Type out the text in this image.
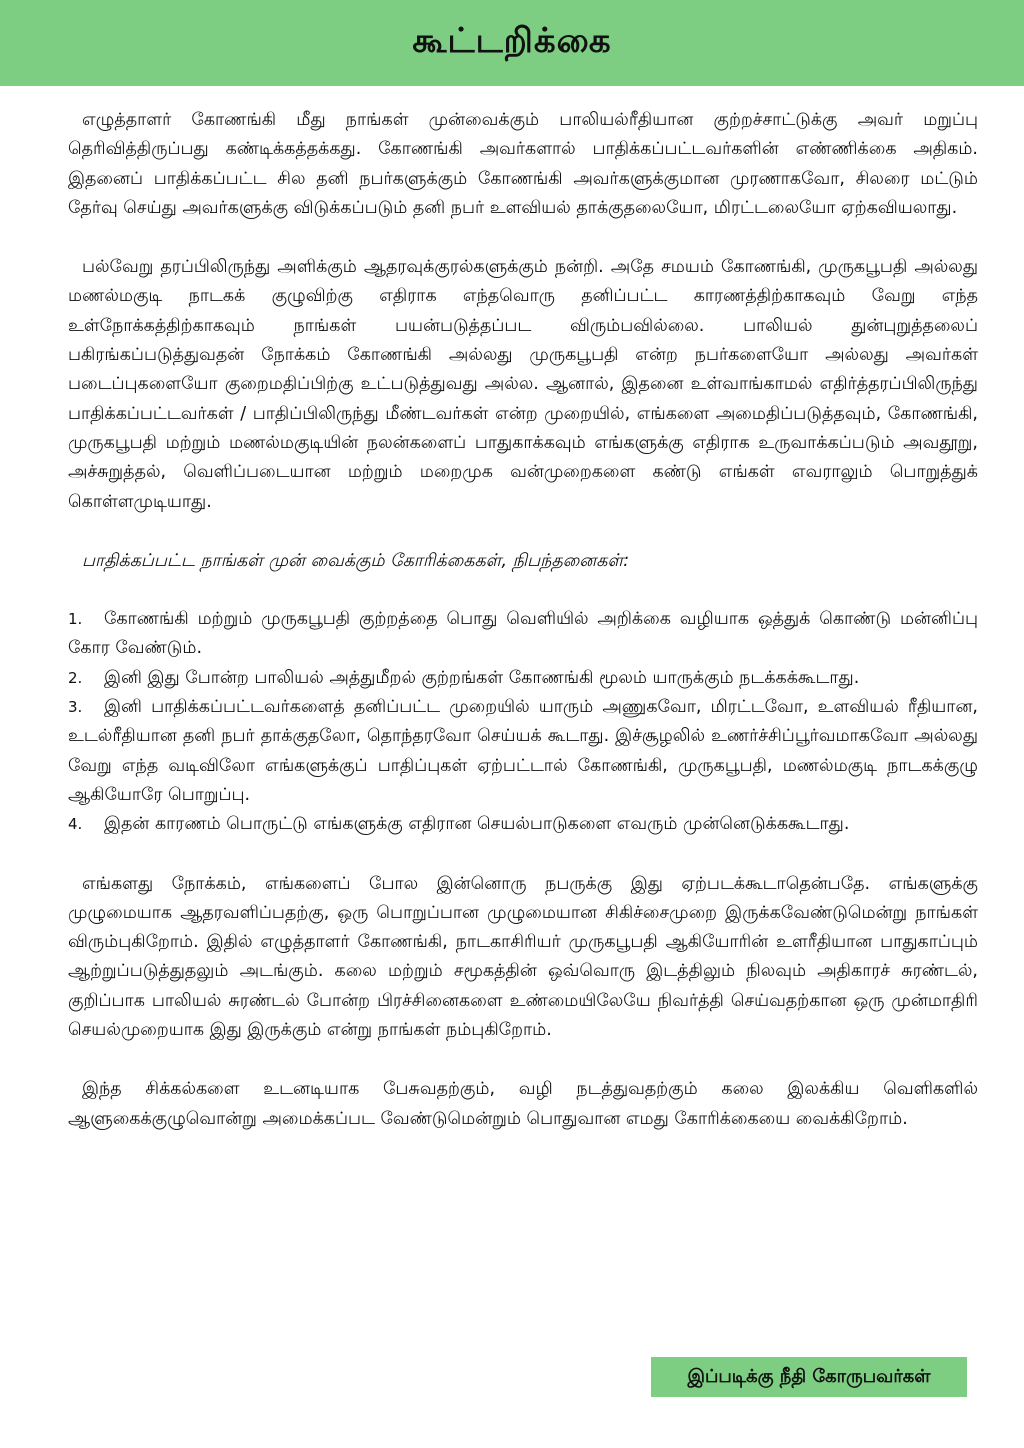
கூட்டறிக்கை

எழுத்தாளர் கோணங்கி மீது நாங்கள் முன்வைக்கும் பாலியல்ரீதியான குற்றச்சாட்டுக்கு அவர் மறுப்பு தெரிவித்திருப்பது கண்டிக்கத்தக்கது. கோணங்கி அவர்களால் பாதிக்கப்பட்டவர்களின் எண்ணிக்கை அதிகம். இதனைப் பாதிக்கப்பட்ட சில தனி நபர்களுக்கும் கோணங்கி அவர்களுக்குமான முரணாகவோ, சிலரை மட்டும் தேர்வு செய்து அவர்களுக்கு விடுக்கப்படும் தனி நபர் உளவியல் தாக்குதலையோ, மிரட்டலையோ ஏற்கவியலாது.

பல்வேறு தரப்பிலிருந்து அளிக்கும் ஆதரவுக்குரல்களுக்கும் நன்றி. அதே சமயம் கோணங்கி, முருகபூபதி அல்லது மணல்மகுடி நாடகக் குழுவிற்கு எதிராக எந்தவொரு தனிப்பட்ட காரணத்திற்காகவும் வேறு எந்த உள்நோக்கத்திற்காகவும் நாங்கள் பயன்படுத்தப்பட விரும்பவில்லை. பாலியல் துன்புறுத்தலைப் பகிரங்கப்படுத்துவதன் நோக்கம் கோணங்கி அல்லது முருகபூபதி என்ற நபர்களையோ அல்லது அவர்கள் படைப்புகளையோ குறைமதிப்பிற்கு உட்படுத்துவது அல்ல. ஆனால், இதனை உள்வாங்காமல் எதிர்த்தரப்பிலிருந்து பாதிக்கப்பட்டவர்கள் / பாதிப்பிலிருந்து மீண்டவர்கள் என்ற முறையில், எங்களை அமைதிப்படுத்தவும், கோணங்கி, முருகபூபதி மற்றும் மணல்மகுடியின் நலன்களைப் பாதுகாக்கவும் எங்களுக்கு எதிராக உருவாக்கப்படும் அவதூறு, அச்சுறுத்தல், வெளிப்படையான மற்றும் மறைமுக வன்முறைகளை கண்டு எங்கள் எவராலும் பொறுத்துக் கொள்ளமுடியாது.

பாதிக்கப்பட்ட நாங்கள் முன் வைக்கும் கோரிக்கைகள், நிபந்தனைகள்:

1. கோணங்கி மற்றும் முருகபூபதி குற்றத்தை பொது வெளியில் அறிக்கை வழியாக ஒத்துக் கொண்டு மன்னிப்பு கோர வேண்டும்.
2. இனி இது போன்ற பாலியல் அத்துமீறல் குற்றங்கள் கோணங்கி மூலம் யாருக்கும் நடக்கக்கூடாது.
3. இனி பாதிக்கப்பட்டவர்களைத் தனிப்பட்ட முறையில் யாரும் அணுகவோ, மிரட்டவோ, உளவியல் ரீதியான, உடல்ரீதியான தனி நபர் தாக்குதலோ, தொந்தரவோ செய்யக் கூடாது. இச்சூழலில் உணர்ச்சிப்பூர்வமாகவோ அல்லது வேறு எந்த வடிவிலோ எங்களுக்குப் பாதிப்புகள் ஏற்பட்டால் கோணங்கி, முருகபூபதி, மணல்மகுடி நாடகக்குழு ஆகியோரே பொறுப்பு.
4. இதன் காரணம் பொருட்டு எங்களுக்கு எதிரான செயல்பாடுகளை எவரும் முன்னெடுக்ககூடாது.

எங்களது நோக்கம், எங்களைப் போல இன்னொரு நபருக்கு இது ஏற்படக்கூடாதென்பதே. எங்களுக்கு முழுமையாக ஆதரவளிப்பதற்கு, ஒரு பொறுப்பான முழுமையான சிகிச்சைமுறை இருக்கவேண்டுமென்று நாங்கள் விரும்புகிறோம். இதில் எழுத்தாளர் கோணங்கி, நாடகாசிரியர் முருகபூபதி ஆகியோரின் உளரீதியான பாதுகாப்பும் ஆற்றுப்படுத்துதலும் அடங்கும். கலை மற்றும் சமூகத்தின் ஒவ்வொரு இடத்திலும் நிலவும் அதிகாரச் சுரண்டல், குறிப்பாக பாலியல் சுரண்டல் போன்ற பிரச்சினைகளை உண்மையிலேயே நிவர்த்தி செய்வதற்கான ஒரு முன்மாதிரி செயல்முறையாக இது இருக்கும் என்று நாங்கள் நம்புகிறோம்.

இந்த சிக்கல்களை உடனடியாக பேசுவதற்கும், வழி நடத்துவதற்கும் கலை இலக்கிய வெளிகளில் ஆளுகைக்குழுவொன்று அமைக்கப்பட வேண்டுமென்றும் பொதுவான எமது கோரிக்கையை வைக்கிறோம்.

இப்படிக்கு நீதி கோருபவர்கள்
